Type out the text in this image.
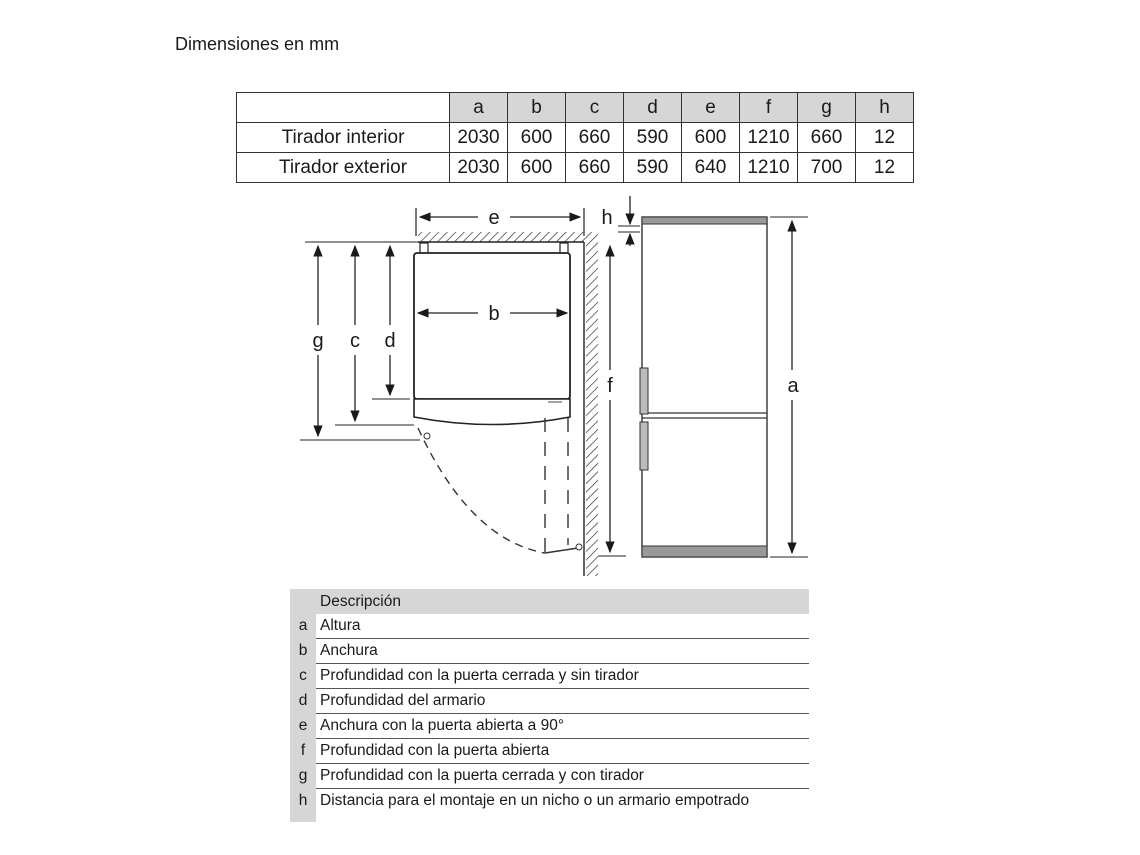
Dimensiones en mm
	a	b	c	d	e	f	g	h
Tirador interior	2030	600	660	590	600	1210	660	12
Tirador exterior	2030	600	660	590	640	1210	700	12
e
b
g c d
f
h
a
Descripción
a Altura
b Anchura
c Profundidad con la puerta cerrada y sin tirador
d Profundidad del armario
e Anchura con la puerta abierta a 90°
f Profundidad con la puerta abierta
g Profundidad con la puerta cerrada y con tirador
h Distancia para el montaje en un nicho o un armario empotrado
